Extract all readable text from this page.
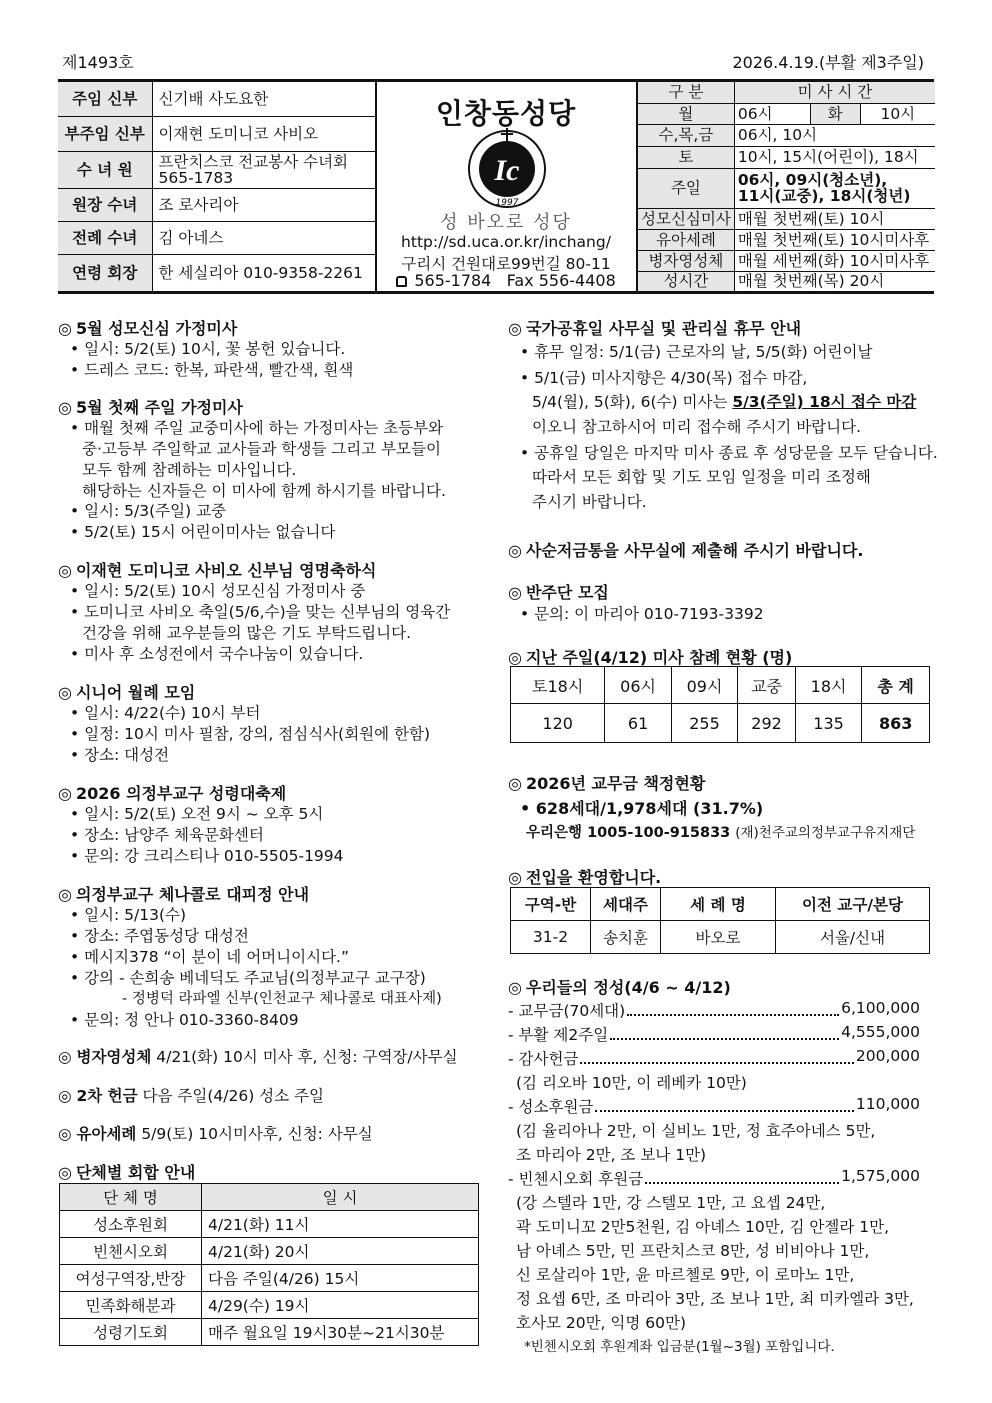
제1493호	2026.4.19.(부활 제3주일)
주임 신부	신기배 사도요한
부주임 신부	이재현 도미니코 사비오
수 녀 원	프란치스코 전교봉사 수녀회
565-1783

원장 수녀	조 로사리아
전례 수녀	김 아네스
연령 회장	한 세실리아 010-9358-2261
인창동성당
Ic
1997
성 바오로 성당
http://sd.uca.or.kr/inchang/
구리시 건원대로99번길 80-11
565-1784 Fax 556-4408
구 분	미 사 시 간		
월	06시	화	10시
수,목,금	06시, 10시		
토	10시, 15시(어린이), 18시		
주일	06시, 09시(청소년),
11시(교중), 18시(청년)		

성모신심미사	매월 첫번째(토) 10시		
유아세례	매월 첫번째(토) 10시미사후		
병자영성체	매월 세번째(화) 10시미사후		
성시간	매월 첫번째(목) 20시		
◎ 5월 성모신심 가정미사
• 일시: 5/2(토) 10시, 꽃 봉헌 있습니다.
• 드레스 코드: 한복, 파란색, 빨간색, 흰색
◎ 5월 첫째 주일 가정미사
• 매월 첫째 주일 교중미사에 하는 가정미사는 초등부와
중·고등부 주일학교 교사들과 학생들 그리고 부모들이
모두 함께 참례하는 미사입니다.
해당하는 신자들은 이 미사에 함께 하시기를 바랍니다.
• 일시: 5/3(주일) 교중
• 5/2(토) 15시 어린이미사는 없습니다
◎ 이재현 도미니코 사비오 신부님 영명축하식
• 일시: 5/2(토) 10시 성모신심 가정미사 중
• 도미니코 사비오 축일(5/6,수)을 맞는 신부님의 영육간
건강을 위해 교우분들의 많은 기도 부탁드립니다.
• 미사 후 소성전에서 국수나눔이 있습니다.
◎ 시니어 월례 모임
• 일시: 4/22(수) 10시 부터
• 일정: 10시 미사 필참, 강의, 점심식사(회원에 한함)
• 장소: 대성전
◎ 2026 의정부교구 성령대축제
• 일시: 5/2(토) 오전 9시 ~ 오후 5시
• 장소: 남양주 체육문화센터
• 문의: 강 크리스티나 010-5505-1994
◎ 의정부교구 체나콜로 대피정 안내
• 일시: 5/13(수)
• 장소: 주엽동성당 대성전
• 메시지378 “이 분이 네 어머니이시다.”
• 강의 - 손희송 베네딕도 주교님(의정부교구 교구장)
- 정병덕 라파엘 신부(인천교구 체나콜로 대표사제)
• 문의: 정 안나 010-3360-8409
◎ 병자영성체 4/21(화) 10시 미사 후, 신청: 구역장/사무실
◎ 2차 헌금 다음 주일(4/26) 성소 주일
◎ 유아세례 5/9(토) 10시미사후, 신청: 사무실
◎ 단체별 회합 안내
단 체 명	일 시
성소후원회	4/21(화) 11시
빈첸시오회	4/21(화) 20시
여성구역장,반장	다음 주일(4/26) 15시
민족화해분과	4/29(수) 19시
성령기도회	매주 월요일 19시30분~21시30분
◎ 국가공휴일 사무실 및 관리실 휴무 안내
• 휴무 일정: 5/1(금) 근로자의 날, 5/5(화) 어린이날
• 5/1(금) 미사지향은 4/30(목) 접수 마감,
5/4(월), 5(화), 6(수) 미사는 5/3(주일) 18시 접수 마감
이오니 참고하시어 미리 접수해 주시기 바랍니다.
• 공휴일 당일은 마지막 미사 종료 후 성당문을 모두 닫습니다.
따라서 모든 회합 및 기도 모임 일정을 미리 조정해
주시기 바랍니다.
◎ 사순저금통을 사무실에 제출해 주시기 바랍니다.
◎ 반주단 모집
• 문의: 이 마리아 010-7193-3392
◎ 지난 주일(4/12) 미사 참례 현황 (명)
토18시	06시	09시	교중	18시	총 계
120	61	255	292	135	863
◎ 2026년 교무금 책정현황
• 628세대/1,978세대 (31.7%)
우리은행 1005-100-915833 (재)천주교의정부교구유지재단
◎ 전입을 환영합니다.
구역-반	세대주	세 례 명	이전 교구/본당
31-2	송치훈	바오로	서울/신내
◎ 우리들의 정성(4/6 ~ 4/12)
- 교무금(70세대)	6,100,000
- 부활 제2주일	4,555,000
- 감사헌금	200,000
(김 리오바 10만, 이 레베카 10만)
- 성소후원금	110,000
(김 율리아나 2만, 이 실비노 1만, 정 효주아네스 5만,
조 마리아 2만, 조 보나 1만)
- 빈첸시오회 후원금	1,575,000
(강 스텔라 1만, 강 스텔모 1만, 고 요셉 24만,
곽 도미니꼬 2만5천원, 김 아녜스 10만, 김 안젤라 1만,
남 아녜스 5만, 민 프란치스코 8만, 성 비비아나 1만,
신 로살리아 1만, 윤 마르첼로 9만, 이 로마노 1만,
정 요셉 6만, 조 마리아 3만, 조 보나 1만, 최 미카엘라 3만,
호사모 20만, 익명 60만)
*빈첸시오회 후원계좌 입금분(1월~3월) 포함입니다.
